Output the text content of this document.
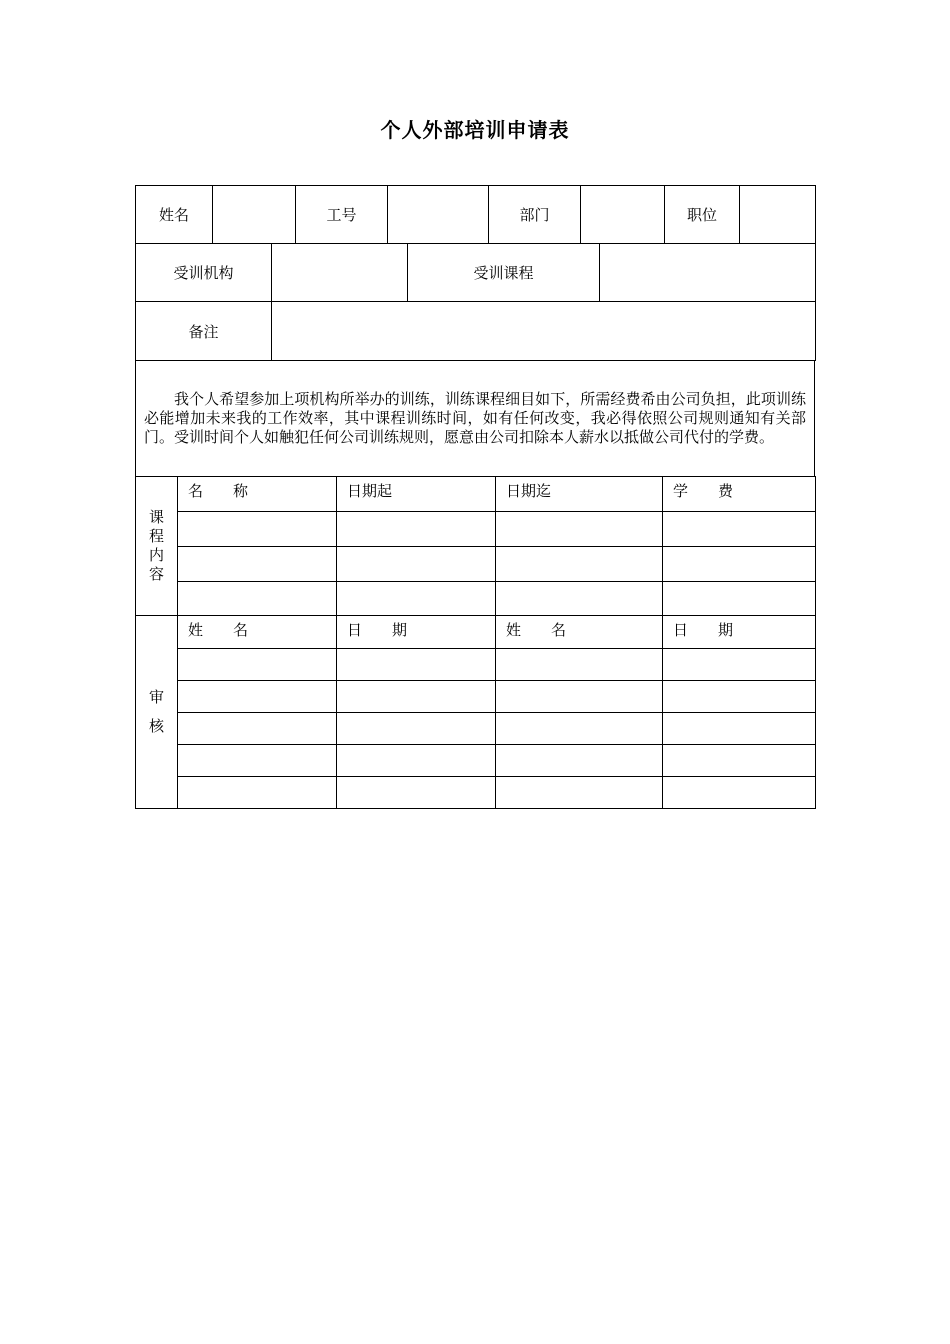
个人外部培训申请表
姓名		工号		部门		职位	
受训机构		受训课程	
备注	
我个人希望参加上项机构所举办的训练，训练课程细目如下，所需经费希由公司负担，此项训练必能增加未来我的工作效率，其中课程训练时间，如有任何改变，我必得依照公司规则通知有关部门。受训时间个人如触犯任何公司训练规则，愿意由公司扣除本人薪水以抵做公司代付的学费。
课
程
内
容	名　　称	日期起	日期迄	学　　费

审
核	姓　　名	日　　期	姓　　名	日　　期
